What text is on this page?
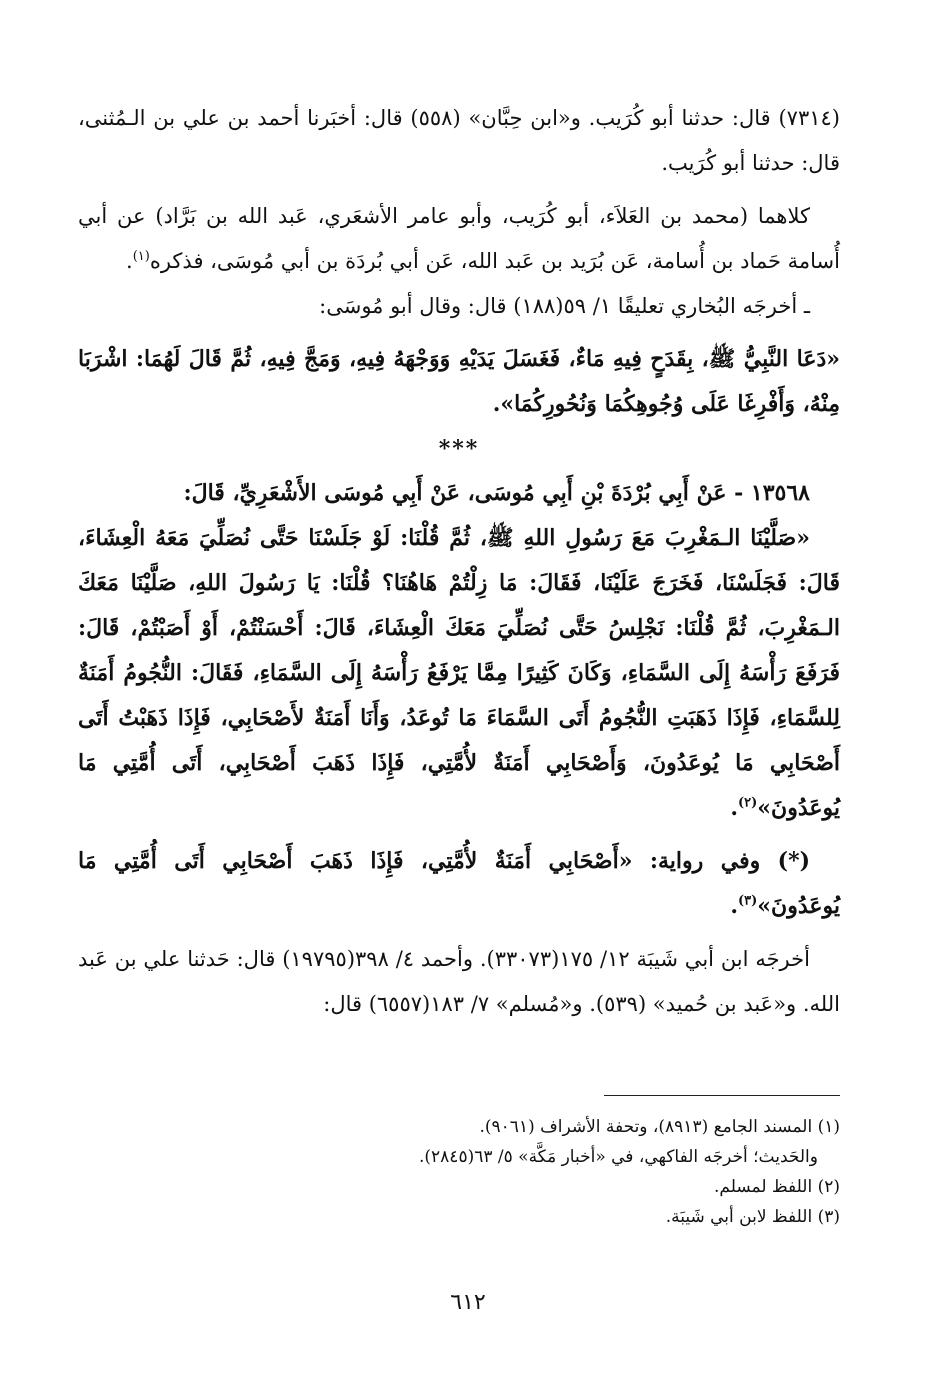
(٧٣١٤) قال: حدثنا أبو كُرَيب. و«ابن حِبَّان» (٥٥٨) قال: أخبَرنا أحمد بن علي بن الـمُثنى، قال: حدثنا أبو كُرَيب.

كلاهما (محمد بن العَلاَء، أبو كُرَيب، وأبو عامر الأشعَري، عَبد الله بن بَرَّاد) عن أبي أُسامة حَماد بن أُسامة، عَن بُرَيد بن عَبد الله، عَن أبي بُردَة بن أبي مُوسَى، فذكره$^{(١)}$.

ـ أخرجَه البُخاري تعليقًا ١/ ٥٩(١٨٨) قال: وقال أبو مُوسَى:

«دَعَا النَّبِيُّ ﷺ، بِقَدَحٍ فِيهِ مَاءٌ، فَغَسَلَ يَدَيْهِ وَوَجْهَهُ فِيهِ، وَمَجَّ فِيهِ، ثُمَّ قَالَ لَهُمَا: اشْرَبَا مِنْهُ، وَأَفْرِغَا عَلَى وُجُوهِكُمَا وَنُحُورِكُمَا».

***

١٣٥٦٨ - عَنْ أَبِي بُرْدَةَ بْنِ أَبِي مُوسَى، عَنْ أَبِي مُوسَى الأَشْعَرِيِّ، قَالَ:

«صَلَّيْنَا الـمَغْرِبَ مَعَ رَسُولِ اللهِ ﷺ، ثُمَّ قُلْنَا: لَوْ جَلَسْنَا حَتَّى نُصَلِّيَ مَعَهُ الْعِشَاءَ، قَالَ: فَجَلَسْنَا، فَخَرَجَ عَلَيْنَا، فَقَالَ: مَا زِلْتُمْ هَاهُنَا؟ قُلْنَا: يَا رَسُولَ اللهِ، صَلَّيْنَا مَعَكَ الـمَغْرِبَ، ثُمَّ قُلْنَا: نَجْلِسُ حَتَّى نُصَلِّيَ مَعَكَ الْعِشَاءَ، قَالَ: أَحْسَنْتُمْ، أَوْ أَصَبْتُمْ، قَالَ: فَرَفَعَ رَأْسَهُ إِلَى السَّمَاءِ، وَكَانَ كَثِيرًا مِمَّا يَرْفَعُ رَأْسَهُ إِلَى السَّمَاءِ، فَقَالَ: النُّجُومُ أَمَنَةٌ لِلسَّمَاءِ، فَإِذَا ذَهَبَتِ النُّجُومُ أَتَى السَّمَاءَ مَا تُوعَدُ، وَأَنَا أَمَنَةٌ لأَصْحَابِي، فَإِذَا ذَهَبْتُ أَتَى أَصْحَابِي مَا يُوعَدُونَ، وَأَصْحَابِي أَمَنَةٌ لأُمَّتِي، فَإِذَا ذَهَبَ أَصْحَابِي، أَتَى أُمَّتِي مَا يُوعَدُونَ»$^{(٢)}$.

(*) وفي رواية: «أَصْحَابِي أَمَنَةٌ لأُمَّتِي، فَإِذَا ذَهَبَ أَصْحَابِي أَتَى أُمَّتِي مَا يُوعَدُونَ»$^{(٣)}$.

أخرجَه ابن أبي شَيبَة ١٢/ ١٧٥(٣٣٠٧٣). وأحمد ٤/ ٣٩٨(١٩٧٩٥) قال: حَدثنا علي بن عَبد الله. و«عَبد بن حُميد» (٥٣٩). و«مُسلم» ٧/ ١٨٣(٦٥٥٧) قال:

(١) المسند الجامع (٨٩١٣)، وتحفة الأشراف (٩٠٦١).

والحَديث؛ أخرجَه الفاكهي، في «أخبار مَكَّة» ٥/ ٦٣(٢٨٤٥).

(٢) اللفظ لمسلم.

(٣) اللفظ لابن أبي شَيبَة.

٦١٢
